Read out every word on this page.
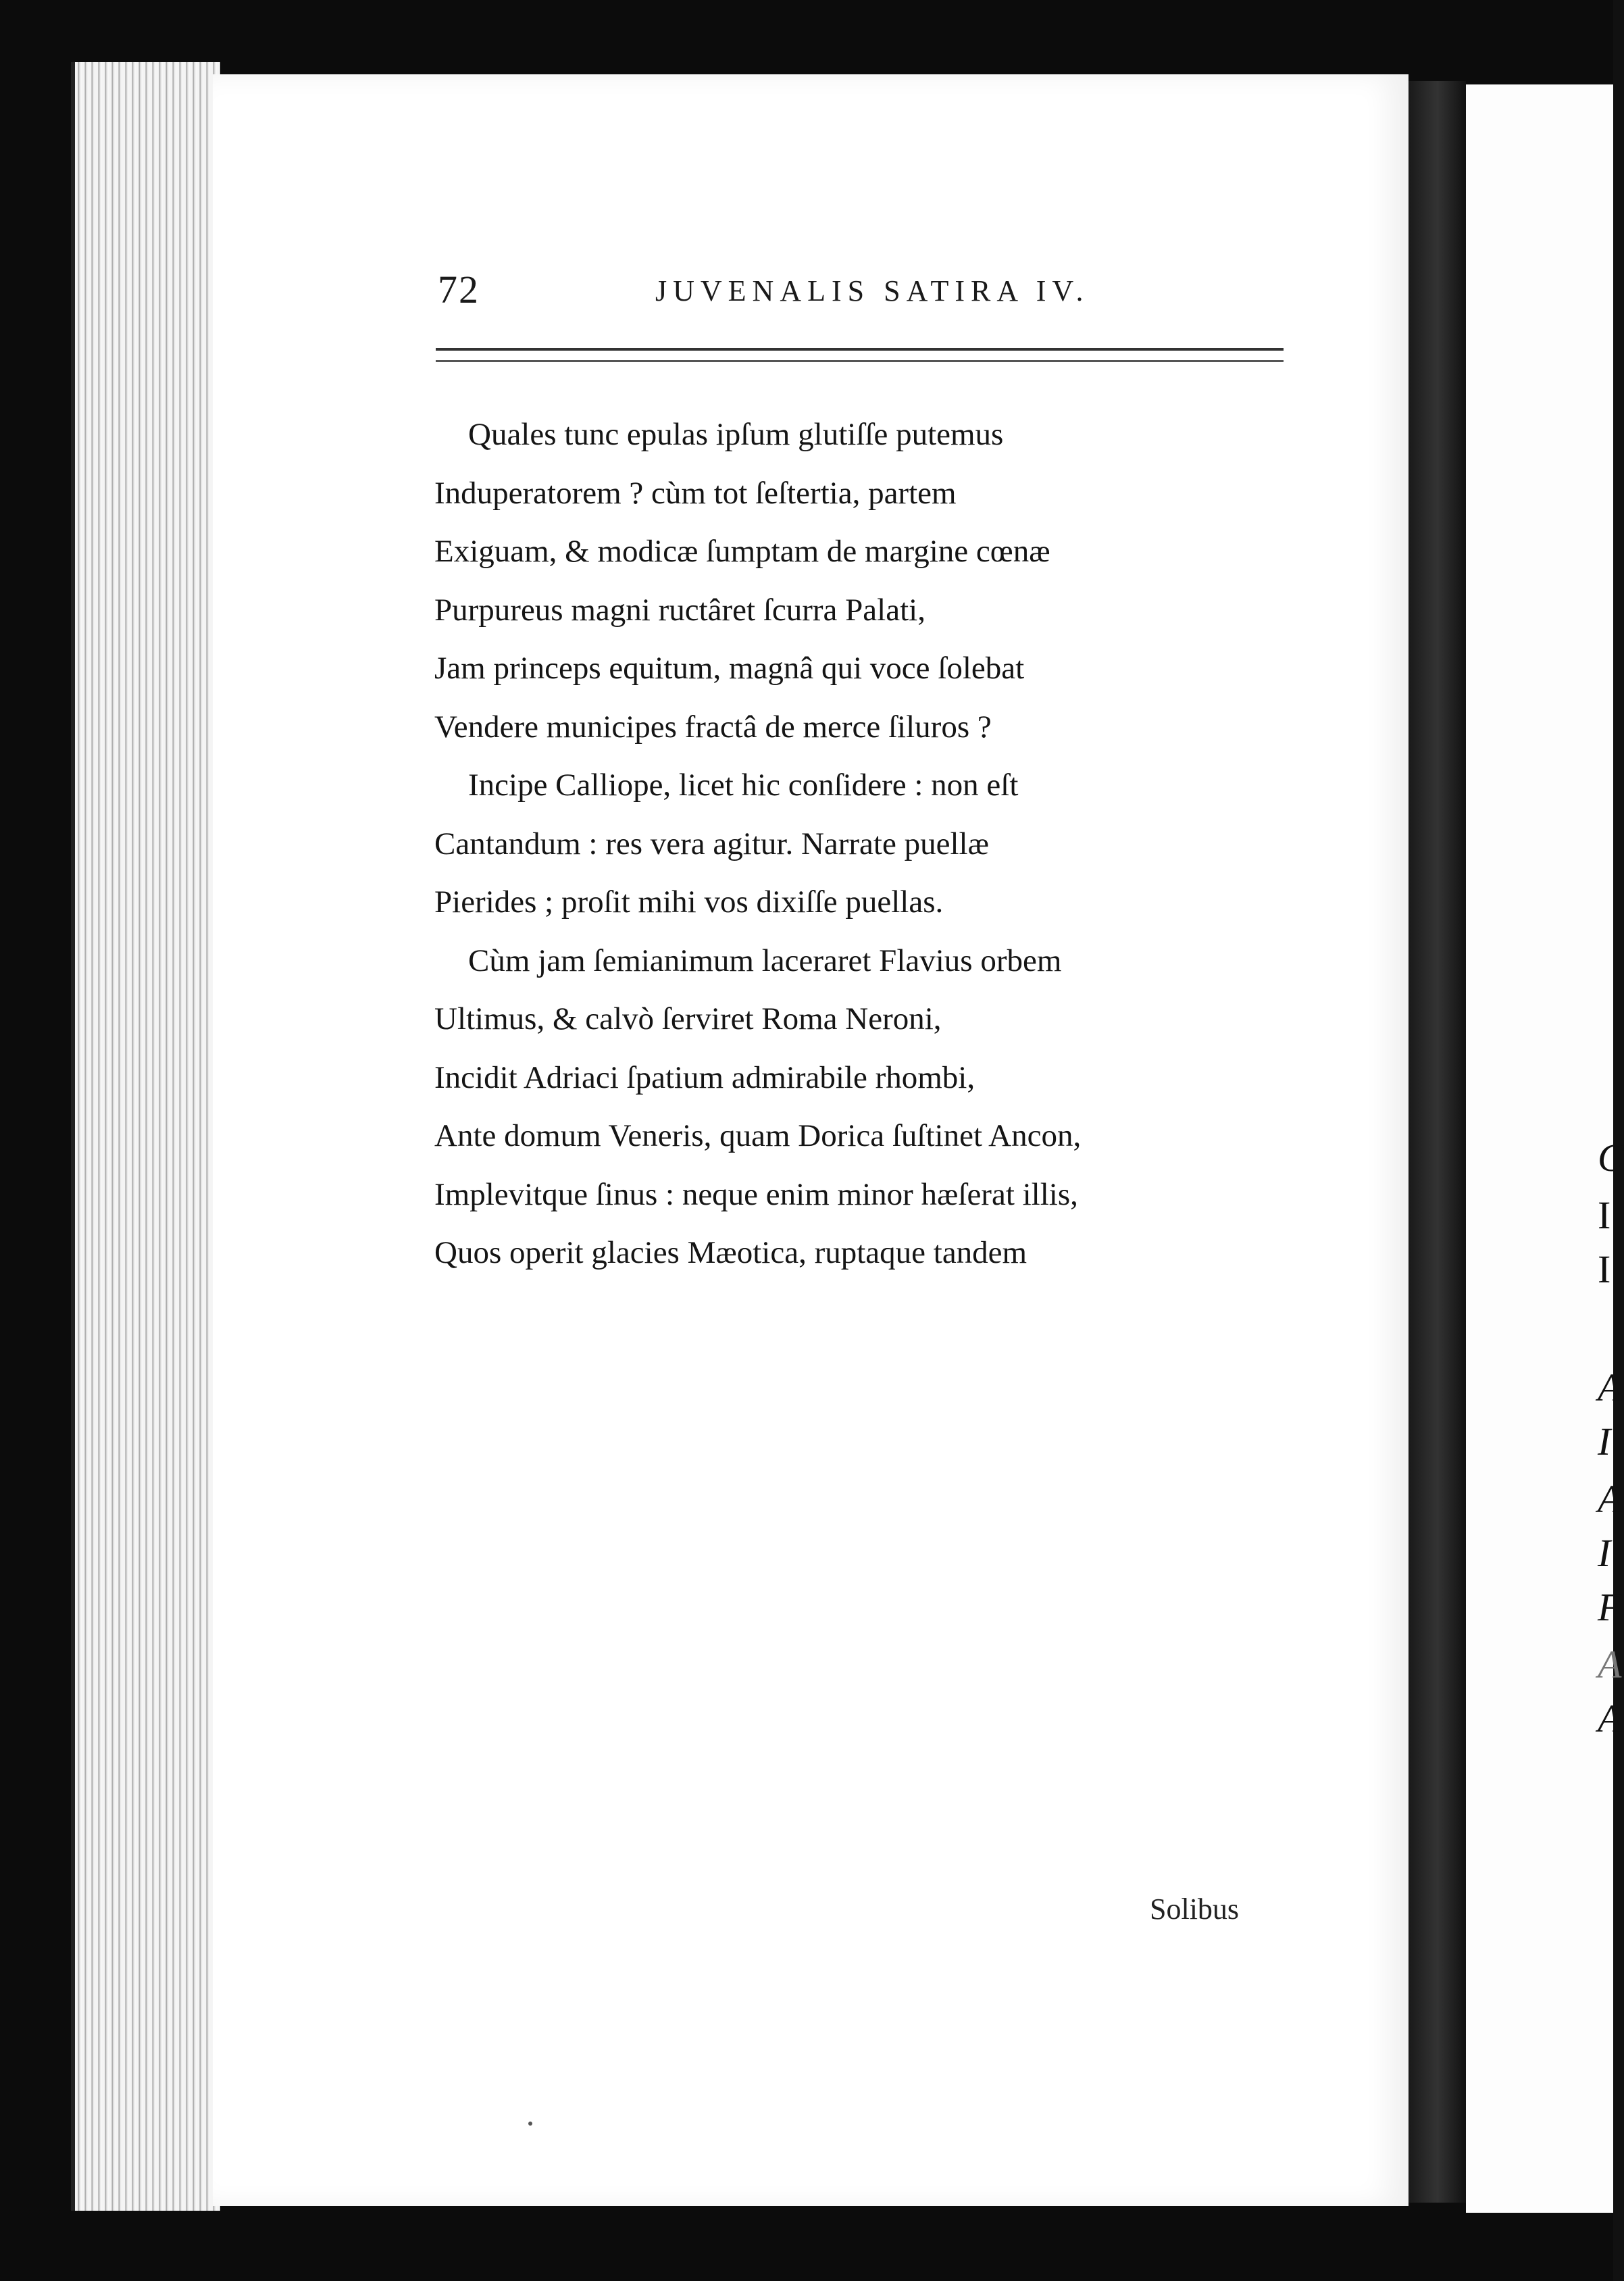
C
I
I
A
I
A
I
F
A
A
72	JUVENALIS SATIRA IV.
Quales tunc epulas ipſum glutiſſe putemus
Induperatorem ? cùm tot ſeſtertia, partem
Exiguam, & modicæ ſumptam de margine cœnæ
Purpureus magni ructâret ſcurra Palati,
Jam princeps equitum, magnâ qui voce ſolebat
Vendere municipes fractâ de merce ſiluros ?
Incipe Calliope, licet hic conſidere : non eſt
Cantandum : res vera agitur. Narrate puellæ
Pierides ; proſit mihi vos dixiſſe puellas.
Cùm jam ſemianimum laceraret Flavius orbem
Ultimus, & calvò ſerviret Roma Neroni,
Incidit Adriaci ſpatium admirabile rhombi,
Ante domum Veneris, quam Dorica ſuſtinet Ancon,
Implevitque ſinus : neque enim minor hæſerat illis,
Quos operit glacies Mæotica, ruptaque tandem
Solibus
